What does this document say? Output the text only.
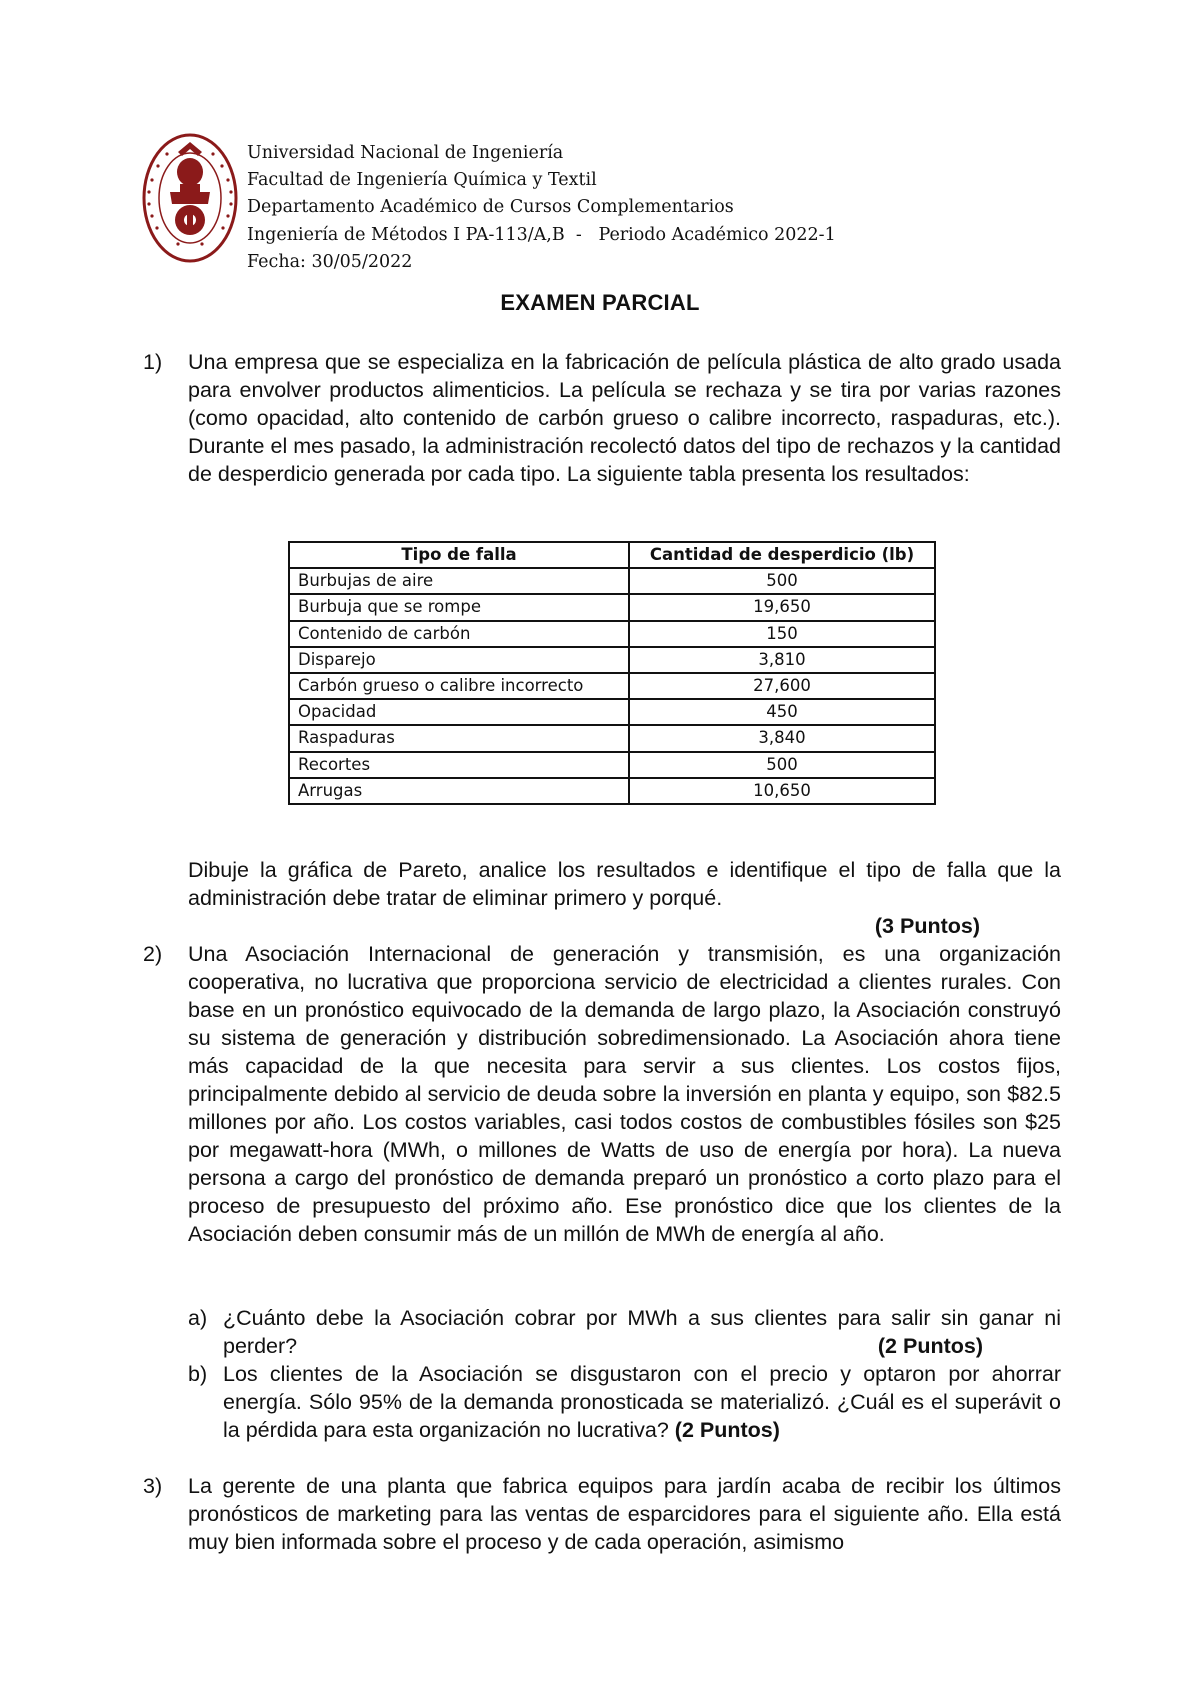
Universidad Nacional de Ingeniería
Facultad de Ingeniería Química y Textil
Departamento Académico de Cursos Complementarios
Ingeniería de Métodos I PA-113/A,B  -   Periodo Académico 2022-1
Fecha: 30/05/2022
EXAMEN PARCIAL
1) Una empresa que se especializa en la fabricación de película plástica de alto grado usada para envolver productos alimenticios. La película se rechaza y se tira por varias razones (como opacidad, alto contenido de carbón grueso o calibre incorrecto, raspaduras, etc.). Durante el mes pasado, la administración recolectó datos del tipo de rechazos y la cantidad de desperdicio generada por cada tipo. La siguiente tabla presenta los resultados:
Tipo de falla	Cantidad de desperdicio (lb)
Burbujas de aire	500
Burbuja que se rompe	19,650
Contenido de carbón	150
Disparejo	3,810
Carbón grueso o calibre incorrecto	27,600
Opacidad	450
Raspaduras	3,840
Recortes	500
Arrugas	10,650
Dibuje la gráfica de Pareto, analice los resultados e identifique el tipo de falla que la administración debe tratar de eliminar primero y porqué.
(3 Puntos)
2) Una Asociación Internacional de generación y transmisión, es una organización cooperativa, no lucrativa que proporciona servicio de electricidad a clientes rurales. Con base en un pronóstico equivocado de la demanda de largo plazo, la Asociación construyó su sistema de generación y distribución sobredimensionado. La Asociación ahora tiene más capacidad de la que necesita para servir a sus clientes. Los costos fijos, principalmente debido al servicio de deuda sobre la inversión en planta y equipo, son $82.5 millones por año. Los costos variables, casi todos costos de combustibles fósiles son $25 por megawatt-hora (MWh, o millones de Watts de uso de energía por hora). La nueva persona a cargo del pronóstico de demanda preparó un pronóstico a corto plazo para el proceso de presupuesto del próximo año. Ese pronóstico dice que los clientes de la Asociación deben consumir más de un millón de MWh de energía al año.
a) ¿Cuánto debe la Asociación cobrar por MWh a sus clientes para salir sin ganar ni perder?	(2 Puntos)
b) Los clientes de la Asociación se disgustaron con el precio y optaron por ahorrar energía. Sólo 95% de la demanda pronosticada se materializó. ¿Cuál es el superávit o la pérdida para esta organización no lucrativa? (2 Puntos)
3) La gerente de una planta que fabrica equipos para jardín acaba de recibir los últimos pronósticos de marketing para las ventas de esparcidores para el siguiente año. Ella está muy bien informada sobre el proceso y de cada operación, asimismo
